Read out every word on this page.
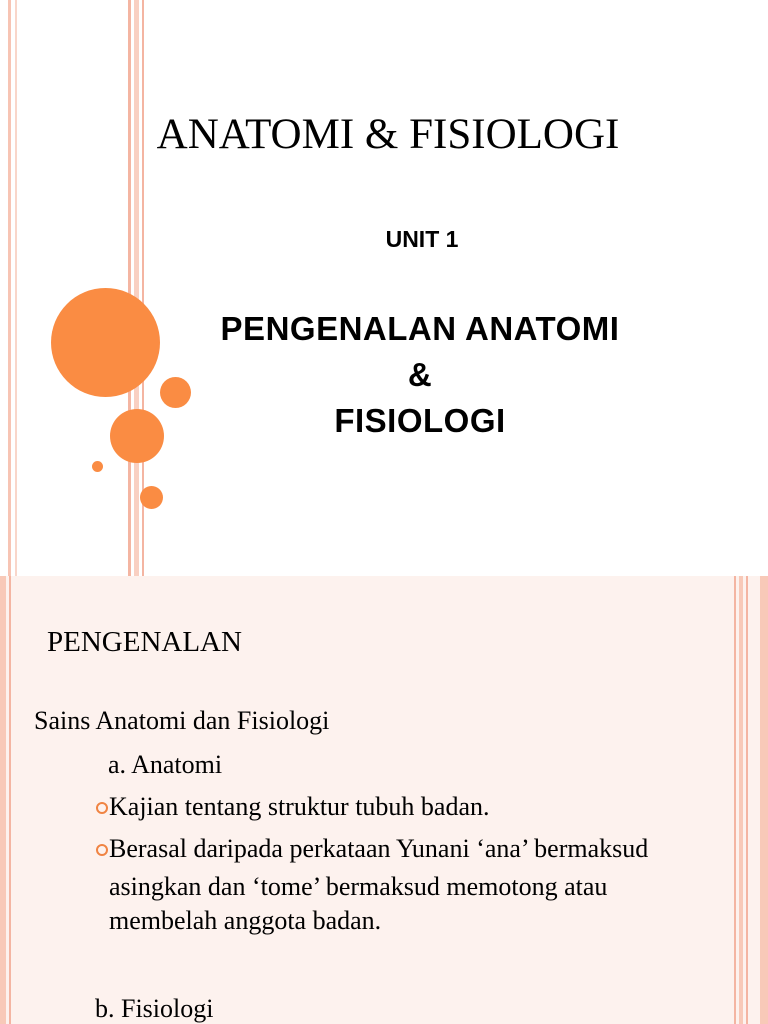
ANATOMI & FISIOLOGI
UNIT 1
PENGENALAN ANATOMI
&
FISIOLOGI
PENGENALAN
Sains Anatomi dan Fisiologi
a. Anatomi
Kajian tentang struktur tubuh badan.
Berasal daripada perkataan Yunani ‘ana’ bermaksud
asingkan dan ‘tome’ bermaksud memotong atau
membelah anggota badan.
b. Fisiologi
